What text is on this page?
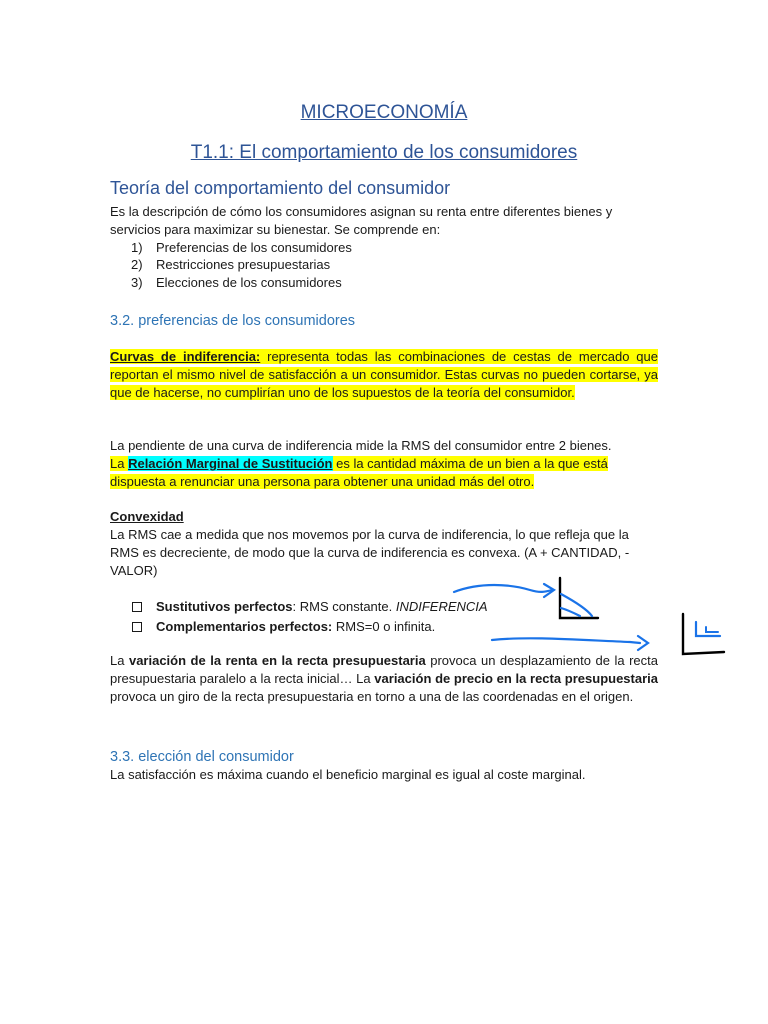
MICROECONOMÍA
T1.1: El comportamiento de los consumidores
Teoría del comportamiento del consumidor

Es la descripción de cómo los consumidores asignan su renta entre diferentes bienes y

servicios para maximizar su bienestar. Se comprende en:

1) Preferencias de los consumidores
2) Restricciones presupuestarias
3) Elecciones de los consumidores
3.2. preferencias de los consumidores

Curvas de indiferencia: representa todas las combinaciones de cestas de mercado que reportan el mismo nivel de satisfacción a un consumidor. Estas curvas no pueden cortarse, ya que de hacerse, no cumplirían uno de los supuestos de la teoría del consumidor.

La pendiente de una curva de indiferencia mide la RMS del consumidor entre 2 bienes.
La Relación Marginal de Sustitución es la cantidad máxima de un bien a la que está dispuesta a renunciar una persona para obtener una unidad más del otro.

Convexidad

La RMS cae a medida que nos movemos por la curva de indiferencia, lo que refleja que la RMS es decreciente, de modo que la curva de indiferencia es convexa. (A + CANTIDAD, - VALOR)

Sustitutivos perfectos: RMS constante. INDIFERENCIA
Complementarios perfectos: RMS=0 o infinita.

La variación de la renta en la recta presupuestaria provoca un desplazamiento de la recta presupuestaria paralelo a la recta inicial… La variación de precio en la recta presupuestaria provoca un giro de la recta presupuestaria en torno a una de las coordenadas en el origen.

3.3. elección del consumidor

La satisfacción es máxima cuando el beneficio marginal es igual al coste marginal.
